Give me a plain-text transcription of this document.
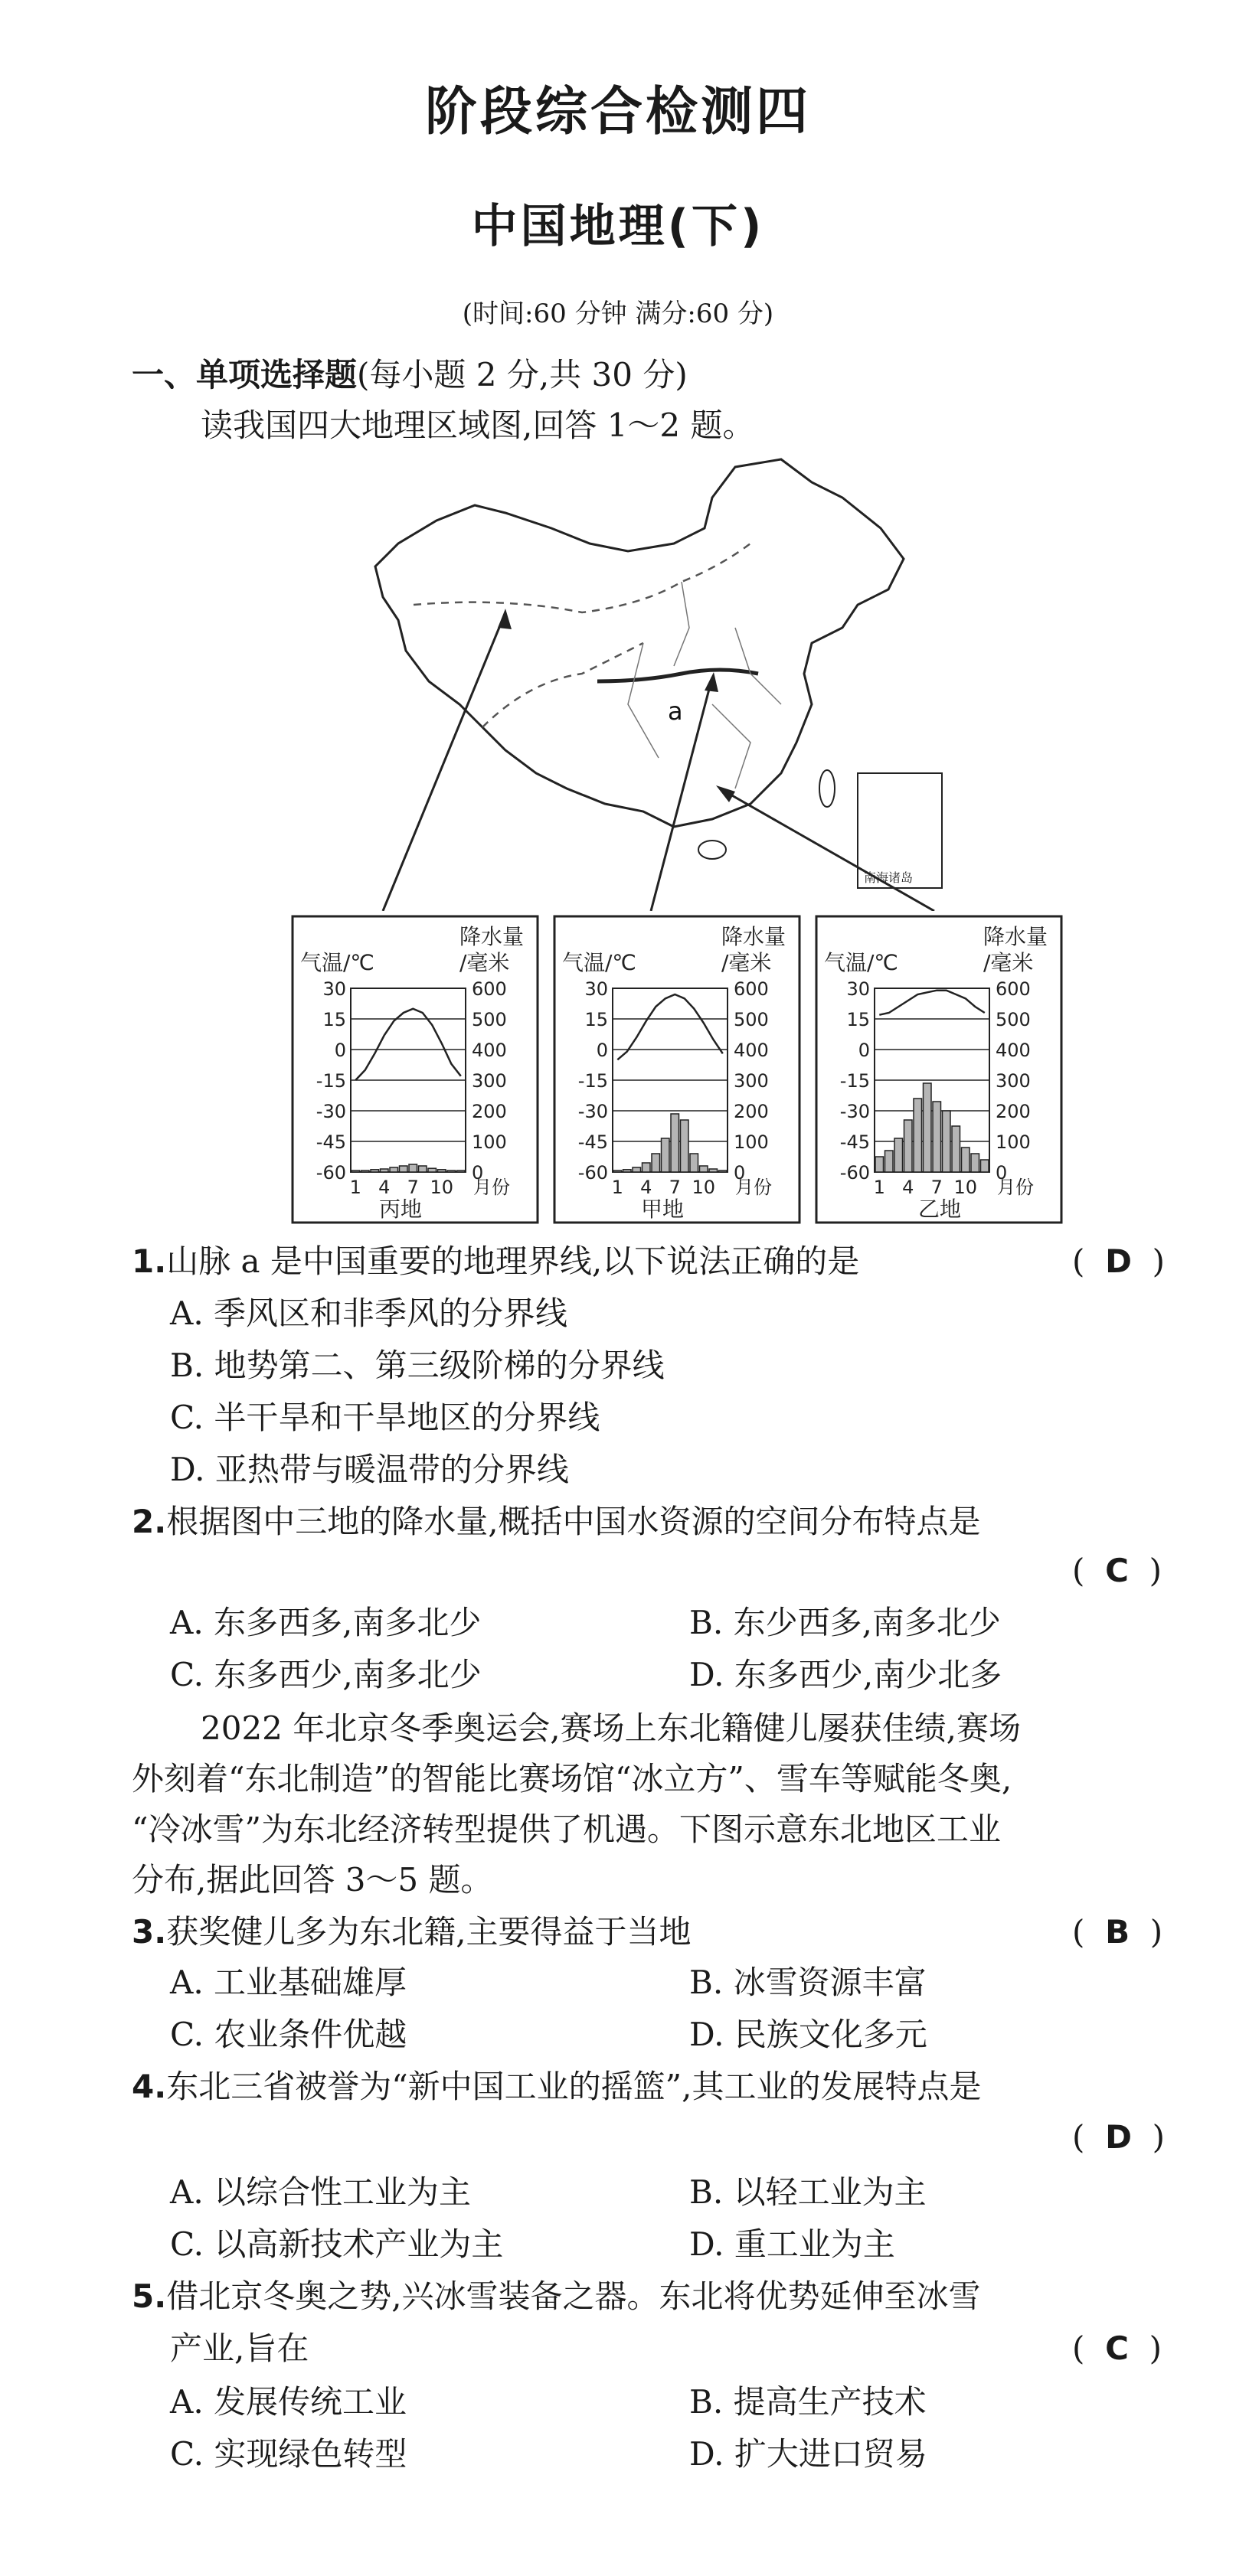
阶段综合检测四
中国地理(下)
(时间:60 分钟 满分:60 分)
一、单项选择题(每小题 2 分,共 30 分)
读我国四大地理区域图,回答 1～2 题。
a
南海诸岛
气温/℃
降水量
/毫米
30	600
15	500
0	400
-15	300
-30	200
-45	100
-60	0
1 4 7 10 月份
丙地
气温/℃
降水量
/毫米
30	600
15	500
0	400
-15	300
-30	200
-45	100
-60	0
1 4 7 10 月份
甲地
气温/℃
降水量
/毫米
30	600
15	500
0	400
-15	300
-30	200
-45	100
-60	0
1 4 7 10 月份
乙地
1.山脉 a 是中国重要的地理界线,以下说法正确的是	(  D  )
A. 季风区和非季风的分界线
B. 地势第二、第三级阶梯的分界线
C. 半干旱和干旱地区的分界线
D. 亚热带与暖温带的分界线
2.根据图中三地的降水量,概括中国水资源的空间分布特点是
(  C  )
A. 东多西多,南多北少	B. 东少西多,南多北少
C. 东多西少,南多北少	D. 东多西少,南少北多
2022 年北京冬季奥运会,赛场上东北籍健儿屡获佳绩,赛场
外刻着“东北制造”的智能比赛场馆“冰立方”、雪车等赋能冬奥,
“冷冰雪”为东北经济转型提供了机遇。下图示意东北地区工业
分布,据此回答 3～5 题。
3.获奖健儿多为东北籍,主要得益于当地	(  B  )
A. 工业基础雄厚	B. 冰雪资源丰富
C. 农业条件优越	D. 民族文化多元
4.东北三省被誉为“新中国工业的摇篮”,其工业的发展特点是
(  D  )
A. 以综合性工业为主	B. 以轻工业为主
C. 以高新技术产业为主	D. 重工业为主
5.借北京冬奥之势,兴冰雪装备之器。东北将优势延伸至冰雪
产业,旨在	(  C  )
A. 发展传统工业	B. 提高生产技术
C. 实现绿色转型	D. 扩大进口贸易
